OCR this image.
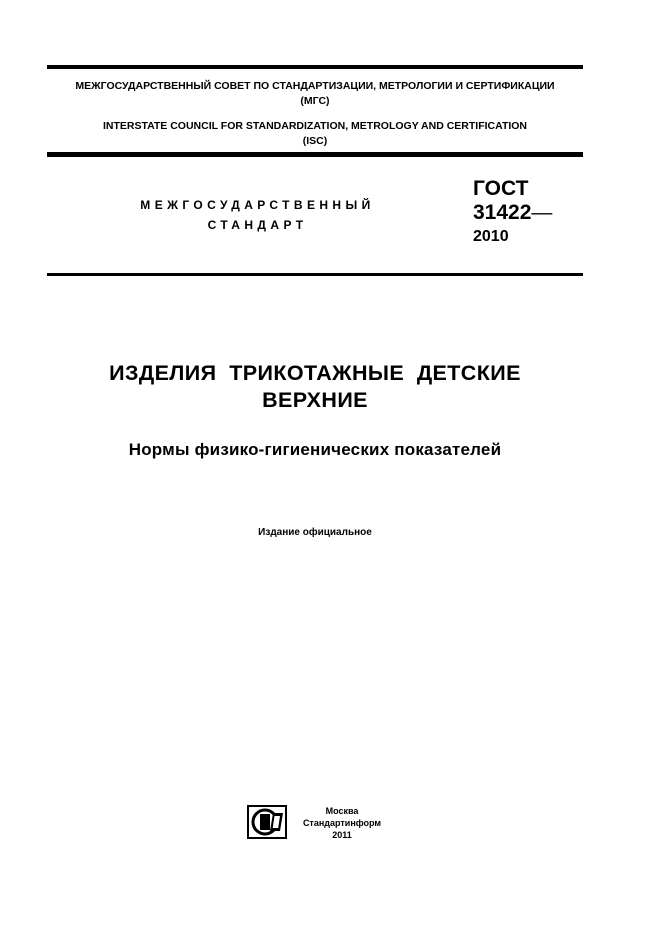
МЕЖГОСУДАРСТВЕННЫЙ СОВЕТ ПО СТАНДАРТИЗАЦИИ, МЕТРОЛОГИИ И СЕРТИФИКАЦИИ
(МГС)
INTERSTATE COUNCIL FOR STANDARDIZATION, METROLOGY AND CERTIFICATION
(ISC)
МЕЖГОСУДАРСТВЕННЫЙ
СТАНДАРТ
ГОСТ
31422—
2010
ИЗДЕЛИЯ  ТРИКОТАЖНЫЕ  ДЕТСКИЕ
ВЕРХНИЕ
Нормы физико-гигиенических показателей
Издание официальное
Москва
Стандартинформ
2011
